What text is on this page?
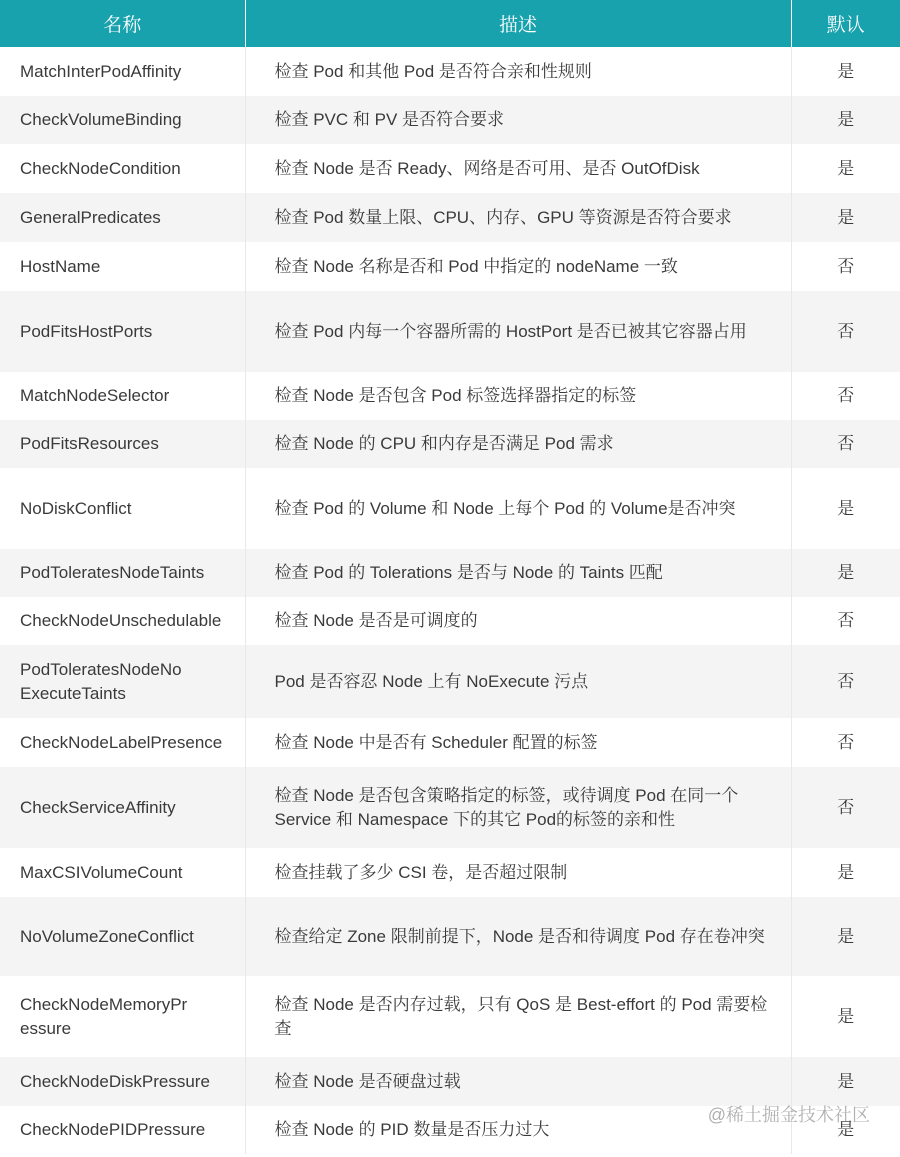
名称	描述	默认
MatchInterPodAffinity	检查 Pod 和其他 Pod 是否符合亲和性规则	是
CheckVolumeBinding	检查 PVC 和 PV 是否符合要求	是
CheckNodeCondition	检查 Node 是否 Ready、网络是否可用、是否 OutOfDisk	是
GeneralPredicates	检查 Pod 数量上限、CPU、内存、GPU 等资源是否符合要求	是
HostName	检查 Node 名称是否和 Pod 中指定的 nodeName 一致	否
PodFitsHostPorts	检查 Pod 内每一个容器所需的 HostPort 是否已被其它容器占用	否
MatchNodeSelector	检查 Node 是否包含 Pod 标签选择器指定的标签	否
PodFitsResources	检查 Node 的 CPU 和内存是否满足 Pod 需求	否
NoDiskConflict	检查 Pod 的 Volume 和 Node 上每个 Pod 的 Volume是否冲突	是
PodToleratesNodeTaints	检查 Pod 的 Tolerations 是否与 Node 的 Taints 匹配	是
CheckNodeUnschedulable	检查 Node 是否是可调度的	否
PodToleratesNodeNoExecuteTaints	Pod 是否容忍 Node 上有 NoExecute 污点	否
CheckNodeLabelPresence	检查 Node 中是否有 Scheduler 配置的标签	否
CheckServiceAffinity	检查 Node 是否包含策略指定的标签，或待调度 Pod 在同一个 Service 和 Namespace 下的其它 Pod的标签的亲和性	否
MaxCSIVolumeCount	检查挂载了多少 CSI 卷，是否超过限制	是
NoVolumeZoneConflict	检查给定 Zone 限制前提下，Node 是否和待调度 Pod 存在卷冲突	是
CheckNodeMemoryPressure	检查 Node 是否内存过载，只有 QoS 是 Best-effort 的 Pod 需要检查	是
CheckNodeDiskPressure	检查 Node 是否硬盘过载	是
CheckNodePIDPressure	检查 Node 的 PID 数量是否压力过大	是
@稀土掘金技术社区
